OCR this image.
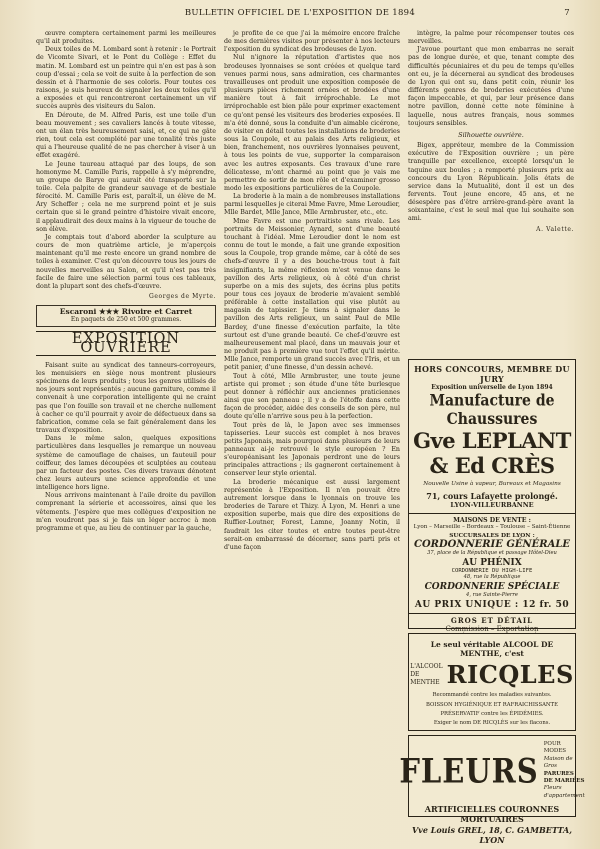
BULLETIN OFFICIEL DE L'EXPOSITION DE 1894	7

œuvre comptera certainement parmi les meilleures qu'il ait produites.

Deux toiles de M. Lombard sont à retenir : le Portrait de Vicomte Sivari, et le Pont du Collège : Effet du matin. M. Lombard est un peintre qui n'en est pas à son coup d'essai ; cela se voit de suite à la perfection de son dessin et à l'harmonie de ses coloris. Pour toutes ces raisons, je suis heureux de signaler les deux toiles qu'il a exposées et qui rencontreront certainement un vif succès auprès des visiteurs du Salon.

En Déroute, de M. Alfred Paris, est une toile d'un beau mouvement ; ses cavaliers lancés à toute vitesse, ont un élan très heureusement saisi, et, ce qui ne gâte rien, tout cela est complété par une tonalité très juste qui a l'heureuse qualité de ne pas chercher à viser à un effet exagéré.

Le Jeune taureau attaqué par des loups, de son homonyme M. Camille Paris, rappelle à s'y méprendre, un groupe de Barye qui aurait été transporté sur la toile. Cela palpite de grandeur sauvage et de bestiale férocité. M. Camille Paris est, paraît-il, un élève de M. Ary Scheffer ; cela ne me surprend point et je suis certain que si le grand peintre d'histoire vivait encore, il applaudirait des deux mains à la vigueur de touche de son élève.

Je comptais tout d'abord aborder la sculpture au cours de mon quatrième article, je m'aperçois maintenant qu'il me reste encore un grand nombre de toiles à examiner. C'est qu'on découvre tous les jours de nouvelles merveilles au Salon, et qu'il n'est pas très facile de faire une sélection parmi tous ces tableaux, dont la plupart sont des chefs-d'œuvre.

Georges de Myrte.
Escaroni ★★★ Rivoire et Carret
En paquets de 250 et 500 grammes.
EXPOSITION OUVRIÈRE

Faisant suite au syndicat des tanneurs-corroyeurs, les menuisiers en siège nous montrent plusieurs spécimens de leurs produits ; tous les genres utilisés de nos jours sont représentés ; aucune garniture, comme il convenait à une corporation intelligente qui ne craint pas que l'on fouille son travail et ne cherche nullement à cacher ce qu'il pourrait y avoir de défectueux dans sa fabrication, comme cela se fait généralement dans les travaux d'exposition.

Dans le même salon, quelques expositions particulières dans lesquelles je remarque un nouveau système de camouflage de chaises, un fauteuil pour coiffeur, des lames découpées et sculptées au couteau par un facteur des postes. Ces divers travaux dénotent chez leurs auteurs une science approfondie et une intelligence hors ligne.

Nous arrivons maintenant à l'aile droite du pavillon comprenant la sérierie et accessoires, ainsi que les vêtements. J'espère que mes collègues d'exposition ne m'en voudront pas si je fais un léger accroc à mon programme et que, au lieu de continuer par la gauche,

je profite de ce que j'ai la mémoire encore fraîche de mes dernières visites pour présenter à nos lecteurs l'exposition du syndicat des brodeuses de Lyon.

Nul n'ignore la réputation d'artistes que nos brodeuses lyonnaises se sont créées et quelque tard venues parmi nous, sans admiration, ces charmantes travailleuses ont produit une exposition composée de plusieurs pièces richement ornées et brodées d'une manière tout à fait irréprochable. Le mot irréprochable est bien pâle pour exprimer exactement ce qu'ont pensé les visiteurs des broderies exposées. Il m'a été donné, sous la conduite d'un aimable cicérone, de visiter en détail toutes les installations de broderies sous la Coupole, et au palais des Arts religieux, et bien, franchement, nos ouvrières lyonnaises peuvent, à tous les points de vue, supporter la comparaison avec les autres exposants. Ces travaux d'une rare délicatesse, m'ont charmé au point que je vais me permettre de sortir de mon rôle et d'examiner grosso modo les expositions particulières de la Coupole.

La broderie à la main a de nombreuses installations parmi lesquelles je citerai Mme Favre, Mme Leroudier, Mlle Bardet, Mlle Jance, Mlle Armbruster, etc., etc.

Mme Favre est une portraitiste sans rivale. Les portraits de Meissonier, Aynard, sont d'une beauté touchant à l'idéal. Mme Leroudier dont le nom est connu de tout le monde, a fait une grande exposition sous la Coupole, trop grande même, car à côté de ses chefs-d'œuvre il y a des bouche-trous tout à fait insignifiants, la même réflexion m'est venue dans le pavillon des Arts religieux, où à côté d'un christ superbe on a mis des sujets, des écrins plus petits pour tous ces joyaux de broderie m'avaient semblé préférable à cette installation qui vise plutôt au magasin de tapissier. Je tiens à signaler dans le pavillon des Arts religieux, un saint Paul de Mlle Bardey, d'une finesse d'exécution parfaite, la tête surtout est d'une grande beauté. Ce chef-d'œuvre est malheureusement mal placé, dans un mauvais jour et ne produit pas à première vue tout l'effet qu'il mérite. Mlle Jance, remporte un grand succès avec l'Iris, et un petit panier, d'une finesse, d'un dessin achevé.

Tout à côté, Mlle Armbruster, une toute jeune artiste qui promet ; son étude d'une tête burlesque peut donner à réfléchir aux anciennes praticiennes ainsi que son panneau ; il y a de l'étoffe dans cette façon de procéder, aidée des conseils de son père, nul doute qu'elle n'arrive sous peu à la perfection.

Tout près de là, le Japon avec ses immenses tapisseries. Leur succès est complet à nos braves petits Japonais, mais pourquoi dans plusieurs de leurs panneaux ai-je retrouvé le style européen ? En s'européanisant les Japonais perdront une de leurs principales attractions ; ils gagneront certainement à conserver leur style oriental.

La broderie mécanique est aussi largement représentée à l'Exposition. Il n'en pouvait être autrement lorsque dans le lyonnais on trouve les broderies de Tarare et Thizy. A Lyon, M. Henri a une exposition superbe, mais que dire des expositions de Ruffier-Loutner, Forest, Lamne, Joanny Notin, il faudrait les citer toutes et entre toutes peut-être serait-on embarrassé de décerner, sans parti pris et d'une façon

intègre, la palme pour récompenser toutes ces merveilles.

J'avoue pourtant que mon embarras ne serait pas de longue durée, et que, tenant compte des difficultés pécuniaires et du peu de temps qu'elles ont eu, je la décernerai au syndicat des brodeuses de Lyon qui ont su, dans petit coin, réunir les différents genres de broderies exécutées d'une façon impeccable, et qui, par leur présence dans notre pavillon, donné cette note féminine à laquelle, nous autres français, nous sommes toujours sensibles.

Silhouette ouvrière.

Bigex, appréteur, membre de la Commission exécutive de l'Exposition ouvrière ; un père tranquille par excellence, excepté lorsqu'un le taquine aux boules ; a remporté plusieurs prix au concours du Lyon Républicain. Jolis états de service dans la Mutualité, dont il est un des fervents. Tout jeune encore, 45 ans, et ne désespère pas d'être arrière-grand-père avant la soixantaine, c'est le seul mal que lui souhaite son ami.

A. Valette.
HORS CONCOURS, MEMBRE DU JURY
Exposition universelle de Lyon 1894
Manufacture de Chaussures
Gve LEPLANT & Ed CRÈS
Nouvelle Usine à vapeur, Bureaux et Magasins
71, cours Lafayette prolongé.
LYON-VILLEURBANNE
MAISONS DE VENTE :
Lyon – Marseille – Bordeaux – Toulouse – Saint-Étienne
SUCCURSALES DE LYON :
CORDONNERIE GÉNÉRALE
37, place de la République et passage Hôtel-Dieu
AU PHÉNIX
CORDONNERIE DU HIGH-LIFE
48, rue la République
CORDONNERIE SPÉCIALE
4, rue Sainte-Pierre
AU PRIX UNIQUE : 12 fr. 50
GROS ET DÉTAIL
Commission – Exportation
Le seul véritable ALCOOL DE MENTHE, c'est
L'ALCOOL
DE
MENTHE RICQLES
Recommandé contre les maladies suivantes.
BOISSON HYGIÉNIQUE ET RAFRAICHISSANTE
PRÉSERVATIF contre les ÉPIDÉMIES.
Exiger le nom DE RICQLÈS sur les flacons.
FLEURS
POUR MODES
Maison de Gros
PARURES DE MARIÉES
Fleurs d'appartement
ARTIFICIELLES COURONNES MORTUAIRES
Vve Louis GREL, 18, C. GAMBETTA, LYON
